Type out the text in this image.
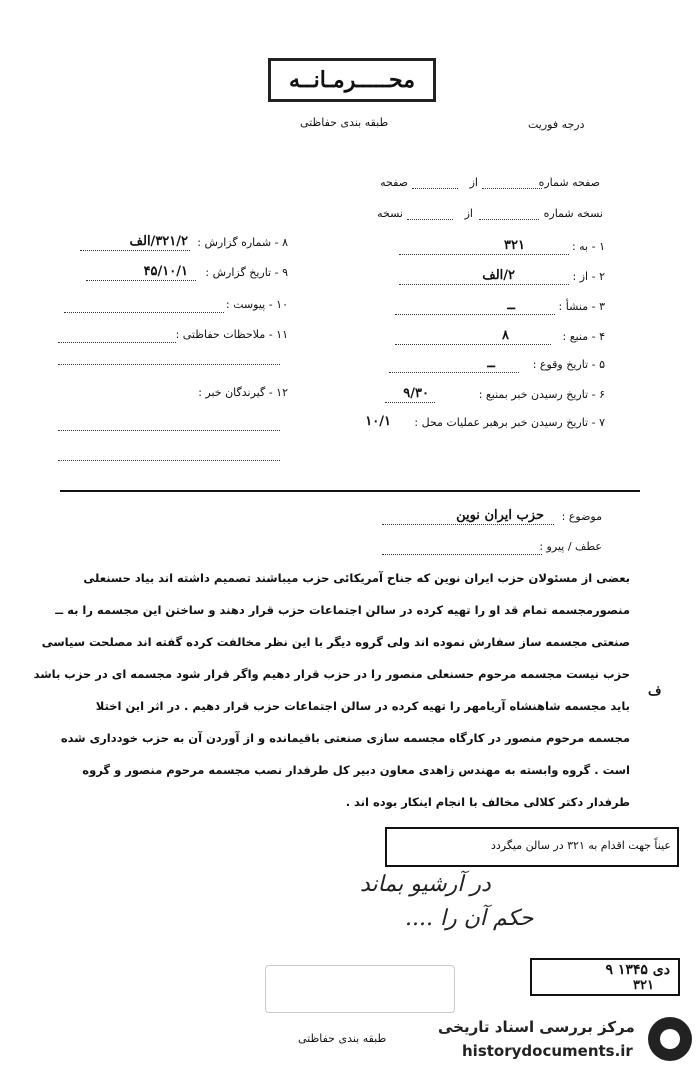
محـــــرمـانــه
طبقه بندی حفاظتی	درجه فوریت
صفحه شماره
از
صفحه
نسخه شماره
از
نسخه
۱ - به :
۳۲۱
۲ - از :
۲/الف
۳ - منشأ :
ــ
۴ - منبع :
۸
۵ - تاریخ وقوع :
ــ
۶ - تاریخ رسیدن خبر بمنبع :
۹/۳۰
۷ - تاریخ رسیدن خبر برهبر عملیات محل :
۱۰/۱
۸ - شماره گزارش :
۳۲۱/۲/الف
۹ - تاریخ گزارش :
۴۵/۱۰/۱
۱۰ - پیوست :
۱۱ - ملاحظات حفاظتی :
۱۲ - گیرندگان خبر :
موضوع :
حزب ایران نوین
عطف / پیرو :
بعضی از مسئولان حزب ایران نوین که جناح آمریکائی حزب میباشند تصمیم داشته اند بیاد حسنعلی
منصورمجسمه تمام قد او را تهیه کرده در سالن اجتماعات حزب قرار دهند و ساختن این مجسمه را به ــ
صنعتی مجسمه ساز سفارش نموده اند ولی گروه دیگر با این نظر مخالفت کرده گفته اند مصلحت سیاسی
حزب نیست مجسمه مرحوم حسنعلی منصور را در حزب قرار دهیم واگر قرار شود مجسمه ای در حزب باشد
باید مجسمه شاهنشاه آریامهر را تهیه کرده در سالن اجتماعات حزب قرار دهیم . در اثر این اختلا
مجسمه مرحوم منصور در کارگاه مجسمه سازی صنعتی باقیمانده و از آوردن آن به حزب خودداری شده
است . گروه وابسته به مهندس زاهدی معاون دبیر کل طرفدار نصب مجسمه مرحوم منصور و گروه
طرفدار دکتر کلالی مخالف با انجام اینکار بوده اند .
ف
عیناً جهت اقدام به ۳۲۱ در سالن میگردد
در آرشیو بماند
حکم آن را ....
۹ دی ۱۳۴۵
۳۲۱
طبقه بندی حفاظتی
مرکز بررسی اسناد تاریخی
historydocuments.ir
